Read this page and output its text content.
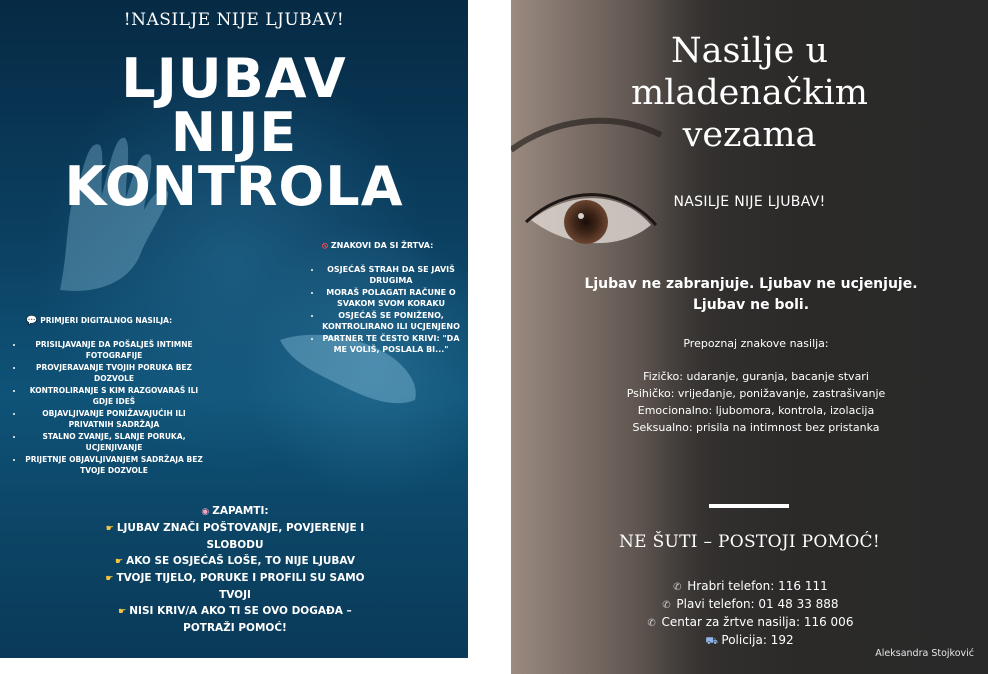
!NASILJE NIJE LJUBAV!
LJUBAV
NIJE
KONTROLA
⦸ ZNAKOVI DA SI ŽRTVA:
• OSJEĆAŠ STRAH DA SE JAVIŠ DRUGIMA
• MORAŠ POLAGATI RAČUNE O SVAKOM SVOM KORAKU
• OSJEĆAŠ SE PONIŽENO, KONTROLIRANO ILI UCJENJENO
• PARTNER TE ČESTO KRIVI: "DA ME VOLIŠ, POSLALA BI..."
💬 PRIMJERI DIGITALNOG NASILJA:
• PRISILJAVANJE DA POŠALJEŠ INTIMNE FOTOGRAFIJE
• PROVJERAVANJE TVOJIH PORUKA BEZ DOZVOLE
• KONTROLIRANJE S KIM RAZGOVARAŠ ILI GDJE IDEŠ
• OBJAVLJIVANJE PONIŽAVAJUĆIH ILI PRIVATNIH SADRŽAJA
• STALNO ZVANJE, SLANJE PORUKA, UCJENJIVANJE
• PRIJETNJE OBJAVLJIVANJEM SADRŽAJA BEZ TVOJE DOZVOLE
◉ ZAPAMTI:
☛ LJUBAV ZNAČI POŠTOVANJE, POVJERENJE I SLOBODU
☛ AKO SE OSJEĆAŠ LOŠE, TO NIJE LJUBAV
☛ TVOJE TIJELO, PORUKE I PROFILI SU SAMO TVOJI
☛ NISI KRIV/A AKO TI SE OVO DOGAĐA – POTRAŽI POMOĆ!
Nasilje u
mladenačkim
vezama
NASILJE NIJE LJUBAV!
Ljubav ne zabranjuje. Ljubav ne ucjenjuje. Ljubav ne boli.
Prepoznaj znakove nasilja:
Fizičko: udaranje, guranja, bacanje stvari
Psihičko: vrijeđanje, ponižavanje, zastrašivanje
Emocionalno: ljubomora, kontrola, izolacija
Seksualno: prisila na intimnost bez pristanka
NE ŠUTI – POSTOJI POMOĆ!
✆ Hrabri telefon: 116 111
✆ Plavi telefon: 01 48 33 888
✆ Centar za žrtve nasilja: 116 006
⛟ Policija: 192
Aleksandra Stojković
